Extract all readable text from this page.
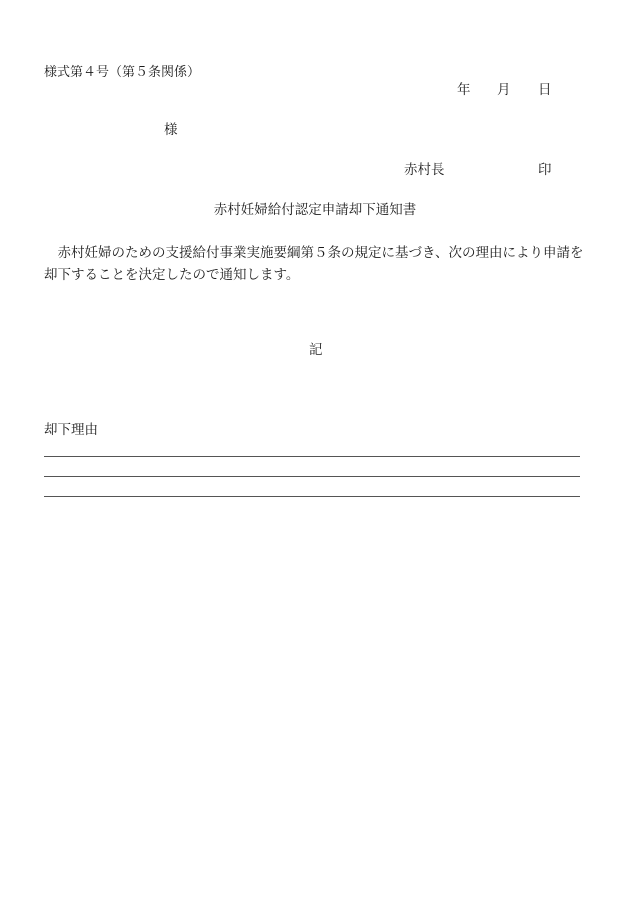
様式第４号（第５条関係）
年 月 日
様
赤村長	印
赤村妊婦給付認定申請却下通知書
赤村妊婦のための支援給付事業実施要綱第５条の規定に基づき、次の理由により申請を却下することを決定したので通知します。
記
却下理由
